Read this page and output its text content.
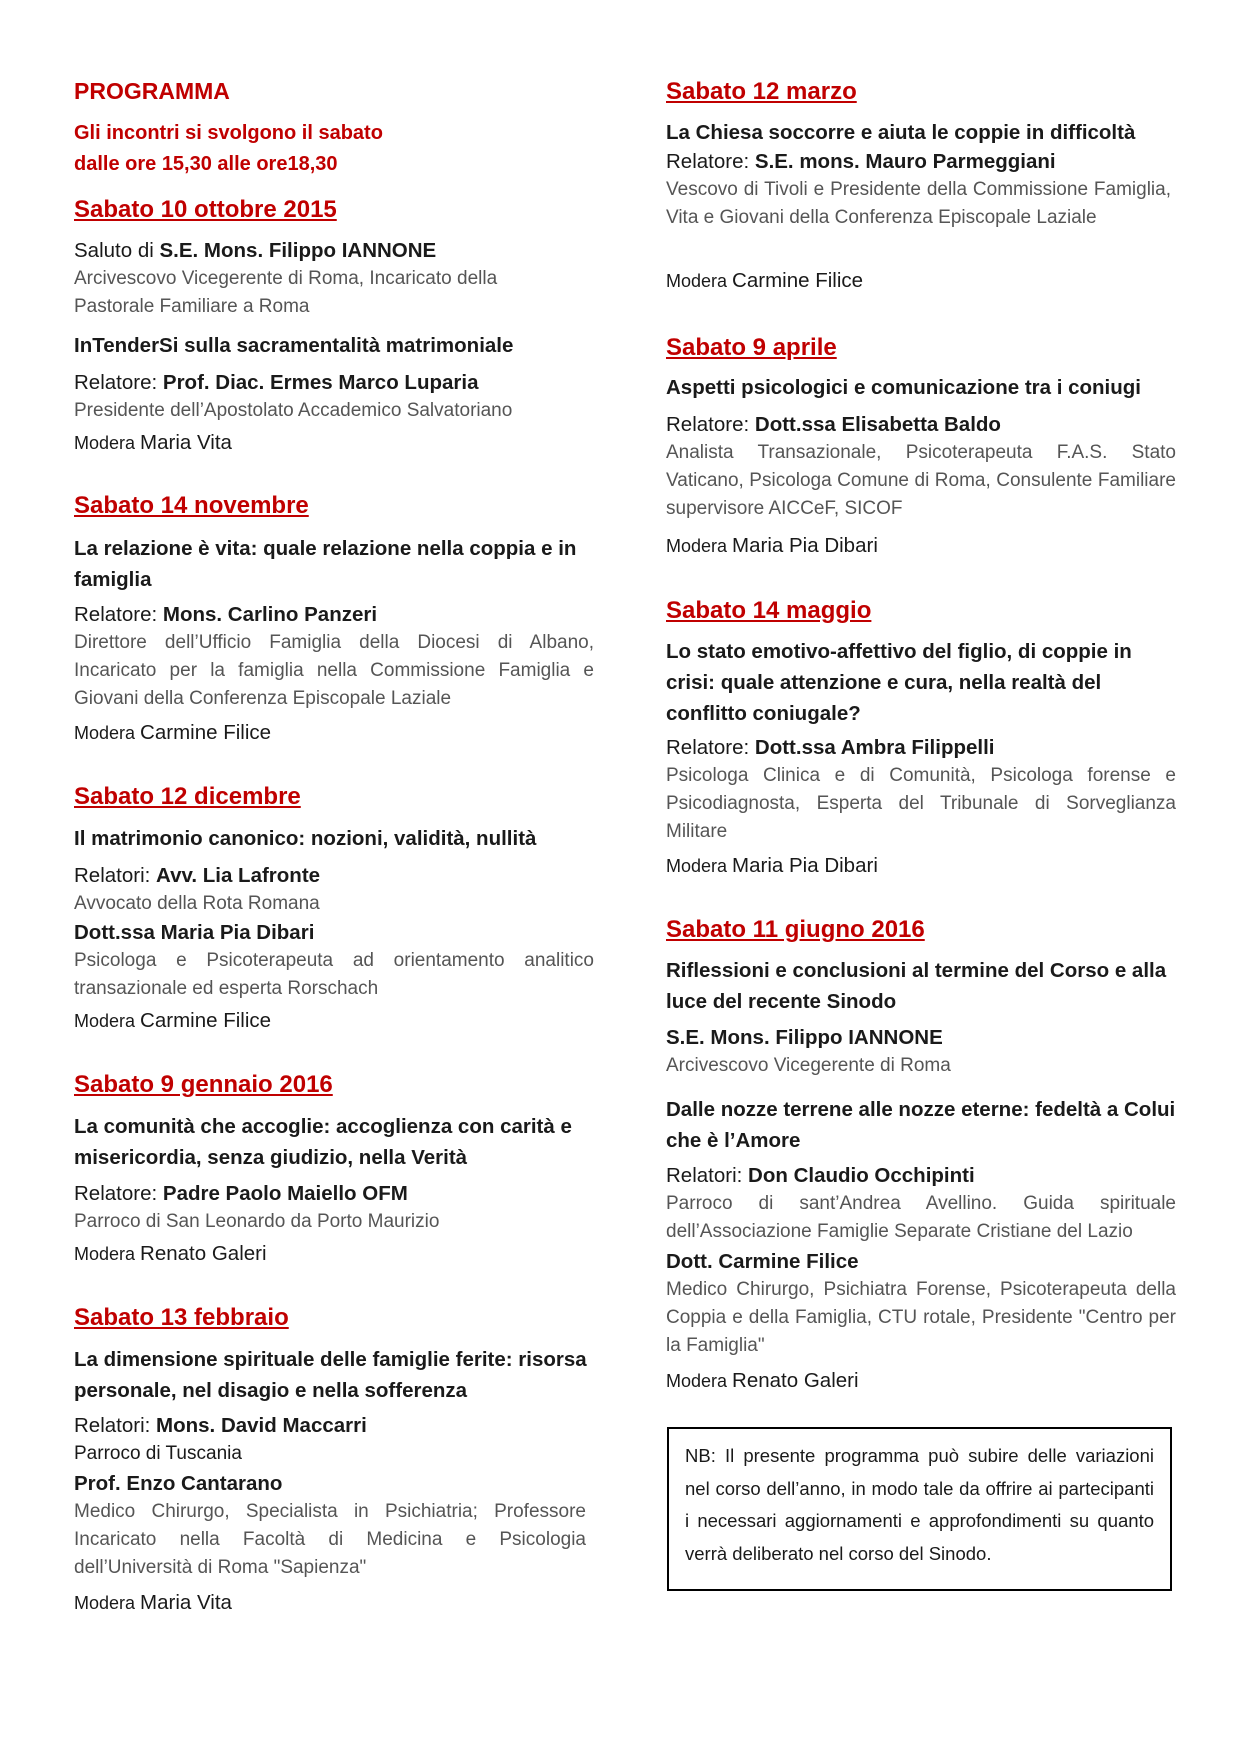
PROGRAMMA
Gli incontri si svolgono il sabato
dalle ore 15,30 alle ore18,30
Sabato 10 ottobre 2015
Saluto di S.E. Mons. Filippo IANNONE
Arcivescovo Vicegerente di Roma, Incaricato della Pastorale Familiare a Roma
InTenderSi sulla sacramentalità matrimoniale
Relatore: Prof. Diac. Ermes Marco Luparia
Presidente dell’Apostolato Accademico Salvatoriano
Modera Maria Vita
Sabato 14 novembre
La relazione è vita: quale relazione nella coppia e in famiglia
Relatore: Mons. Carlino Panzeri
Direttore dell’Ufficio Famiglia della Diocesi di Albano, Incaricato per la famiglia nella Commissione Famiglia e Giovani della Conferenza Episcopale Laziale
Modera Carmine Filice
Sabato 12 dicembre
Il matrimonio canonico: nozioni, validità, nullità
Relatori: Avv. Lia Lafronte
Avvocato della Rota Romana
Dott.ssa Maria Pia Dibari
Psicologa e Psicoterapeuta ad orientamento analitico transazionale ed esperta Rorschach
Modera Carmine Filice
Sabato 9 gennaio 2016
La comunità che accoglie: accoglienza con carità e misericordia, senza giudizio, nella Verità
Relatore: Padre Paolo Maiello OFM
Parroco di San Leonardo da Porto Maurizio
Modera Renato Galeri
Sabato 13 febbraio
La dimensione spirituale delle famiglie ferite: risorsa personale, nel disagio e nella sofferenza
Relatori: Mons. David Maccarri
Parroco di Tuscania
Prof. Enzo Cantarano
Medico Chirurgo, Specialista in Psichiatria; Professore Incaricato nella Facoltà di Medicina e Psicologia dell’Università di Roma "Sapienza"
Modera Maria Vita
Sabato 12 marzo
La Chiesa soccorre e aiuta le coppie in difficoltà
Relatore: S.E. mons. Mauro Parmeggiani
Vescovo di Tivoli e Presidente della Commissione Famiglia, Vita e Giovani della Conferenza Episcopale Laziale
Modera Carmine Filice
Sabato 9 aprile
Aspetti psicologici e comunicazione tra i coniugi
Relatore: Dott.ssa Elisabetta Baldo
Analista Transazionale, Psicoterapeuta F.A.S. Stato Vaticano, Psicologa Comune di Roma, Consulente Familiare supervisore AICCeF, SICOF
Modera Maria Pia Dibari
Sabato 14 maggio
Lo stato emotivo-affettivo del figlio, di coppie in crisi: quale attenzione e cura, nella realtà del conflitto coniugale?
Relatore: Dott.ssa Ambra Filippelli
Psicologa Clinica e di Comunità, Psicologa forense e Psicodiagnosta, Esperta del Tribunale di Sorveglianza Militare
Modera Maria Pia Dibari
Sabato 11 giugno 2016
Riflessioni e conclusioni al termine del Corso e alla luce del recente Sinodo
S.E. Mons. Filippo IANNONE
Arcivescovo Vicegerente di Roma
Dalle nozze terrene alle nozze eterne: fedeltà a Colui che è l’Amore
Relatori: Don Claudio Occhipinti
Parroco di sant’Andrea Avellino. Guida spirituale dell’Associazione Famiglie Separate Cristiane del Lazio
Dott. Carmine Filice
Medico Chirurgo, Psichiatra Forense, Psicoterapeuta della Coppia e della Famiglia, CTU rotale, Presidente "Centro per la Famiglia"
Modera Renato Galeri
NB: Il presente programma può subire delle variazioni nel corso dell’anno, in modo tale da offrire ai partecipanti i necessari aggiornamenti e approfondimenti su quanto verrà deliberato nel corso del Sinodo.
